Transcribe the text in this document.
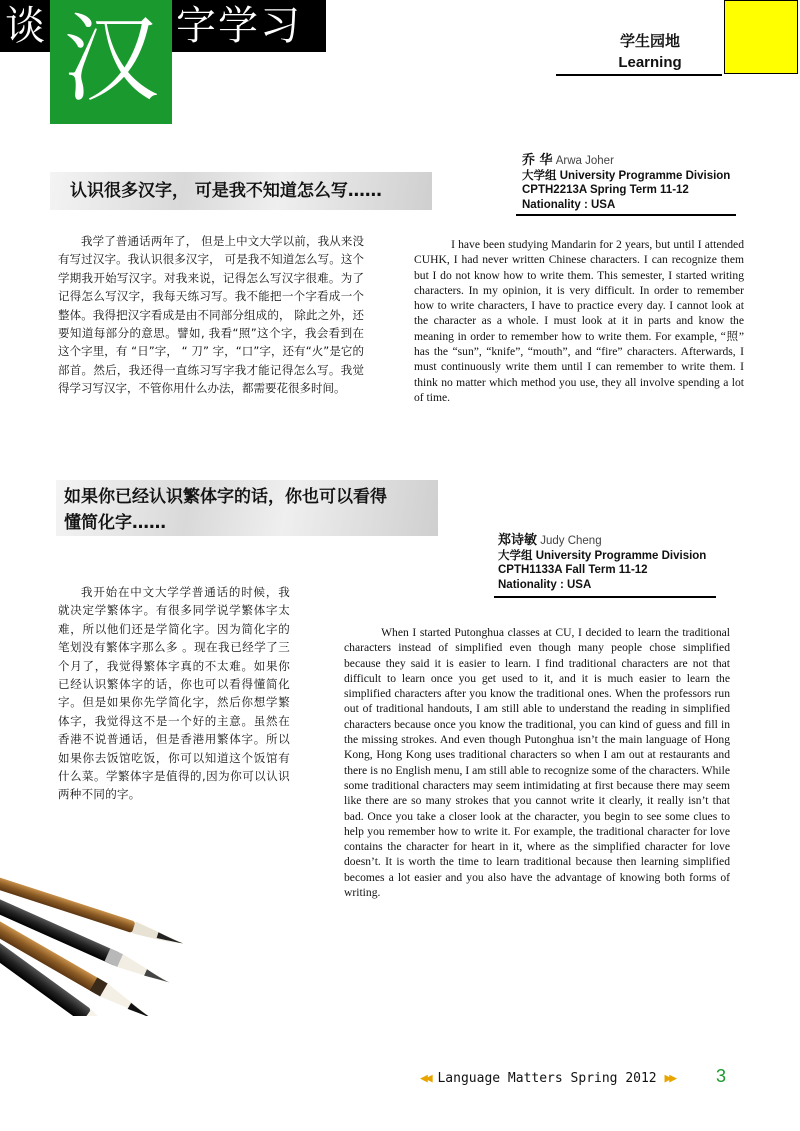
谈 汉 字学习	学生园地
Learning
认识很多汉字， 可是我不知道怎么写……
乔 华 Arwa Joher
大学组 University Programme Division
CPTH2213A Spring Term 11-12
Nationality : USA

我学了普通话两年了， 但是上中文大学以前，我从来没有写过汉字。我认识很多汉字， 可是我不知道怎么写。这个学期我开始写汉字。对我来说，记得怎么写汉字很难。为了记得怎么写汉字，我每天练习写。我不能把一个字看成一个整体。我得把汉字看成是由不同部分组成的， 除此之外，还要知道每部分的意思。譬如, 我看“照”这个字，我会看到在这个字里，有 “日”字， “ 刀” 字，“口”字，还有“火”是它的部首。然后，我还得一直练习写字我才能记得怎么写。我觉得学习写汉字，不管你用什么办法，都需要花很多时间。

I have been studying Mandarin for 2 years, but until I attended CUHK, I had never written Chinese characters. I can recognize them but I do not know how to write them. This semester, I started writing characters. In my opinion, it is very difficult. In order to remember how to write characters, I have to practice every day. I cannot look at the character as a whole. I must look at it in parts and know the meaning in order to remember how to write them. For example, “照” has the “sun”, “knife”, “mouth”, and “fire” characters. Afterwards, I must continuously write them until I can remember to write them. I think no matter which method you use, they all involve spending a lot of time.

如果你已经认识繁体字的话，你也可以看得
懂简化字……
郑诗敏 Judy Cheng
大学组 University Programme Division
CPTH1133A Fall Term 11-12
Nationality : USA

我开始在中文大学学普通话的时候，我就决定学繁体字。有很多同学说学繁体字太难，所以他们还是学简化字。因为简化字的笔划没有繁体字那么多 。现在我已经学了三个月了，我觉得繁体字真的不太难。如果你已经认识繁体字的话，你也可以看得懂简化字。但是如果你先学简化字，然后你想学繁体字，我觉得这不是一个好的主意。虽然在香港不说普通话，但是香港用繁体字。所以如果你去饭馆吃饭，你可以知道这个饭馆有什么菜。学繁体字是值得的,因为你可以认识两种不同的字。

When I started Putonghua classes at CU, I decided to learn the traditional characters instead of simplified even though many people chose simplified because they said it is easier to learn. I find traditional characters are not that difficult to learn once you get used to it, and it is much easier to learn the simplified characters after you know the traditional ones. When the professors run out of traditional handouts, I am still able to understand the reading in simplified characters because once you know the traditional, you can kind of guess and fill in the missing strokes. And even though Putonghua isn’t the main language of Hong Kong, Hong Kong uses traditional characters so when I am out at restaurants and there is no English menu, I am still able to recognize some of the characters. While some traditional characters may seem intimidating at first because there may seem like there are so many strokes that you cannot write it clearly, it really isn’t that bad. Once you take a closer look at the character, you begin to see some clues to help you remember how to write it. For example, the traditional character for love contains the character for heart in it, where as the simplified character for love doesn’t. It is worth the time to learn traditional because then learning simplified becomes a lot easier and you also have the advantage of knowing both forms of writing.

◀◀ Language Matters Spring 2012 ▶▶	3
